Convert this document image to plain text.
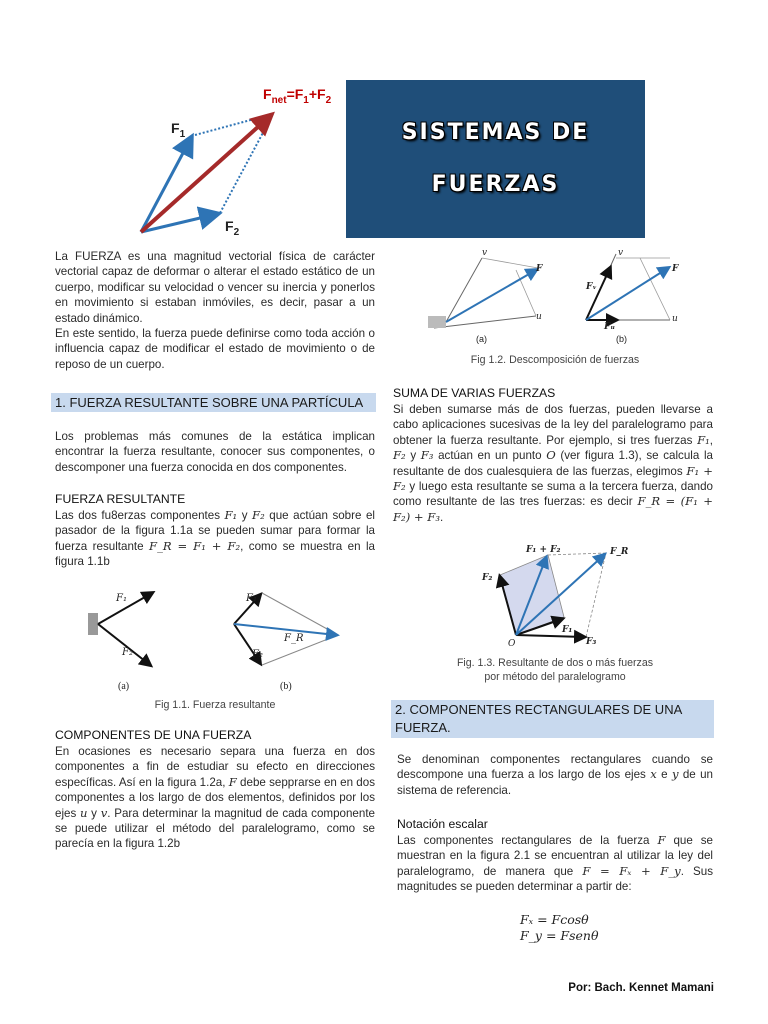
$F_{net}=F_1+F_2$
$F_1$
$F_2$
SISTEMAS DE
FUERZAS

La FUERZA es una magnitud vectorial física de carácter vectorial capaz de deformar o alterar el estado estático de un cuerpo, modificar su velocidad o vencer su inercia y ponerlos en movimiento si estaban inmóviles, es decir, pasar a un estado dinámico.

En este sentido, la fuerza puede definirse como toda acción o influencia capaz de modificar el estado de movimiento o de reposo de un cuerpo.

1. FUERZA RESULTANTE SOBRE UNA PARTÍCULA

Los problemas más comunes de la estática implican encontrar la fuerza resultante, conocer sus componentes, o descomponer una fuerza conocida en dos componentes.

FUERZA RESULTANTE

Las dos fu8erzas componentes F₁ y F₂ que actúan sobre el pasador de la figura 1.1a se pueden sumar para formar la fuerza resultante F_R = F₁ + F₂, como se muestra en la figura 1.1b

F₁
F₂
F₁
F₂
F_R
(a)	(b)
Fig 1.1. Fuerza resultante

COMPONENTES DE UNA FUERZA

En ocasiones es necesario separa una fuerza en dos componentes a fin de estudiar su efecto en direcciones específicas. Así en la figura 1.2a, F debe sepprarse en en dos componentes a los largo de dos elementos, definidos por los ejes u y v. Para determinar la magnitud de cada componente se puede utilizar el método del paralelogramo, como se parecía en la figura 1.2b

v
u
F
(a)
v
u
F
Fᵥ
Fᵤ
(b)
Fig 1.2. Descomposición de fuerzas

SUMA DE VARIAS FUERZAS

Si deben sumarse más de dos fuerzas, pueden llevarse a cabo aplicaciones sucesivas de la ley del paralelogramo para obtener la fuerza resultante. Por ejemplo, si tres fuerzas F₁, F₂ y F₃ actúan en un punto O (ver figura 1.3), se calcula la resultante de dos cualesquiera de las fuerzas, elegimos F₁ + F₂ y luego esta resultante se suma a la tercera fuerza, dando como resultante de las tres fuerzas: es decir F_R = (F₁ + F₂) + F₃.

F₁ + F₂	F_R
F₂
F₁
F₃
O
Fig. 1.3. Resultante de dos o más fuerzas
por método del paralelogramo
2. COMPONENTES RECTANGULARES DE UNA FUERZA.

Se denominan componentes rectangulares cuando se descompone una fuerza a los largo de los ejes x e y de un sistema de referencia.

Notación escalar

Las componentes rectangulares de la fuerza F que se muestran en la figura 2.1 se encuentran al utilizar la ley del paralelogramo, de manera que F = Fₓ + F_y. Sus magnitudes se pueden determinar a partir de:

Fₓ = Fcosθ
F_y = Fsenθ
Por: Bach. Kennet Mamani
